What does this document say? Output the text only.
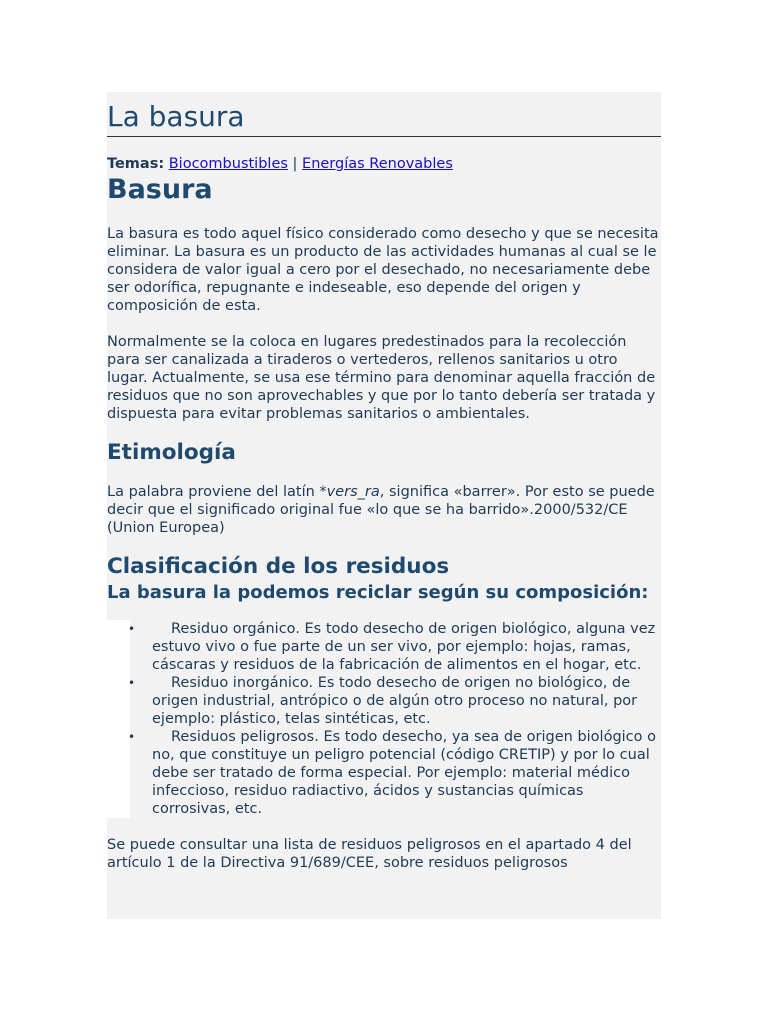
La basura
Temas: Biocombustibles | Energías Renovables
Basura

La basura es todo aquel físico considerado como desecho y que se necesita eliminar. La basura es un producto de las actividades humanas al cual se le considera de valor igual a cero por el desechado, no necesariamente debe ser odorífica, repugnante e indeseable, eso depende del origen y composición de esta.

Normalmente se la coloca en lugares predestinados para la recolección para ser canalizada a tiraderos o vertederos, rellenos sanitarios u otro lugar. Actualmente, se usa ese término para denominar aquella fracción de residuos que no son aprovechables y que por lo tanto debería ser tratada y dispuesta para evitar problemas sanitarios o ambientales.

Etimología

La palabra proviene del latín *vers_ra, significa «barrer». Por esto se puede decir que el significado original fue «lo que se ha barrido».2000/532/CE (Union Europea)

Clasificación de los residuos
La basura la podemos reciclar según su composición:
•	Residuo orgánico. Es todo desecho de origen biológico, alguna vez estuvo vivo o fue parte de un ser vivo, por ejemplo: hojas, ramas, cáscaras y residuos de la fabricación de alimentos en el hogar, etc.
•	Residuo inorgánico. Es todo desecho de origen no biológico, de origen industrial, antrópico o de algún otro proceso no natural, por ejemplo: plástico, telas sintéticas, etc.
•	Residuos peligrosos. Es todo desecho, ya sea de origen biológico o no, que constituye un peligro potencial (código CRETIP) y por lo cual debe ser tratado de forma especial. Por ejemplo: material médico infeccioso, residuo radiactivo, ácidos y sustancias químicas corrosivas, etc.

Se puede consultar una lista de residuos peligrosos en el apartado 4 del artículo 1 de la Directiva 91/689/CEE, sobre residuos peligrosos
